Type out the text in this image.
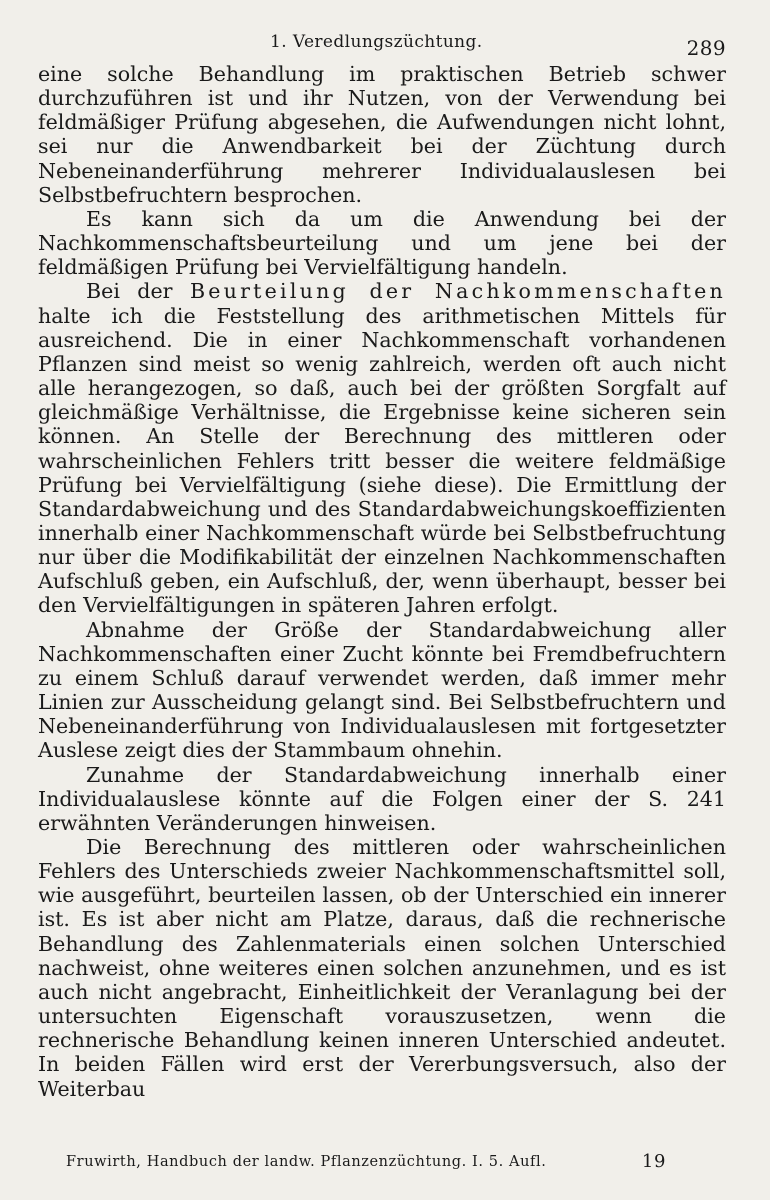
1. Veredlungszüchtung.	289

eine solche Behandlung im praktischen Betrieb schwer durchzuführen ist und ihr Nutzen, von der Verwendung bei feldmäßiger Prüfung abgesehen, die Aufwendungen nicht lohnt, sei nur die Anwendbarkeit bei der Züchtung durch Nebeneinanderführung mehrerer Individualauslesen bei Selbstbefruchtern besprochen.

Es kann sich da um die Anwendung bei der Nachkommenschaftsbeurteilung und um jene bei der feldmäßigen Prüfung bei Vervielfältigung handeln.

Bei der Beurteilung der Nachkommenschaften halte ich die Feststellung des arithmetischen Mittels für ausreichend. Die in einer Nachkommenschaft vorhandenen Pflanzen sind meist so wenig zahlreich, werden oft auch nicht alle herangezogen, so daß, auch bei der größten Sorgfalt auf gleichmäßige Verhältnisse, die Ergebnisse keine sicheren sein können. An Stelle der Berechnung des mittleren oder wahrscheinlichen Fehlers tritt besser die weitere feldmäßige Prüfung bei Vervielfältigung (siehe diese). Die Ermittlung der Standardabweichung und des Standardabweichungskoeffizienten innerhalb einer Nachkommenschaft würde bei Selbstbefruchtung nur über die Modifikabilität der einzelnen Nachkommenschaften Aufschluß geben, ein Aufschluß, der, wenn überhaupt, besser bei den Vervielfältigungen in späteren Jahren erfolgt.

Abnahme der Größe der Standardabweichung aller Nachkommenschaften einer Zucht könnte bei Fremdbefruchtern zu einem Schluß darauf verwendet werden, daß immer mehr Linien zur Ausscheidung gelangt sind. Bei Selbstbefruchtern und Nebeneinanderführung von Individualauslesen mit fortgesetzter Auslese zeigt dies der Stammbaum ohnehin.

Zunahme der Standardabweichung innerhalb einer Individualauslese könnte auf die Folgen einer der S. 241 erwähnten Veränderungen hinweisen.

Die Berechnung des mittleren oder wahrscheinlichen Fehlers des Unterschieds zweier Nachkommenschaftsmittel soll, wie ausgeführt, beurteilen lassen, ob der Unterschied ein innerer ist. Es ist aber nicht am Platze, daraus, daß die rechnerische Behandlung des Zahlenmaterials einen solchen Unterschied nachweist, ohne weiteres einen solchen anzunehmen, und es ist auch nicht angebracht, Einheitlichkeit der Veranlagung bei der untersuchten Eigenschaft vorauszusetzen, wenn die rechnerische Behandlung keinen inneren Unterschied andeutet. In beiden Fällen wird erst der Vererbungsversuch, also der Weiterbau

Fruwirth, Handbuch der landw. Pflanzenzüchtung. I. 5. Aufl.	19
